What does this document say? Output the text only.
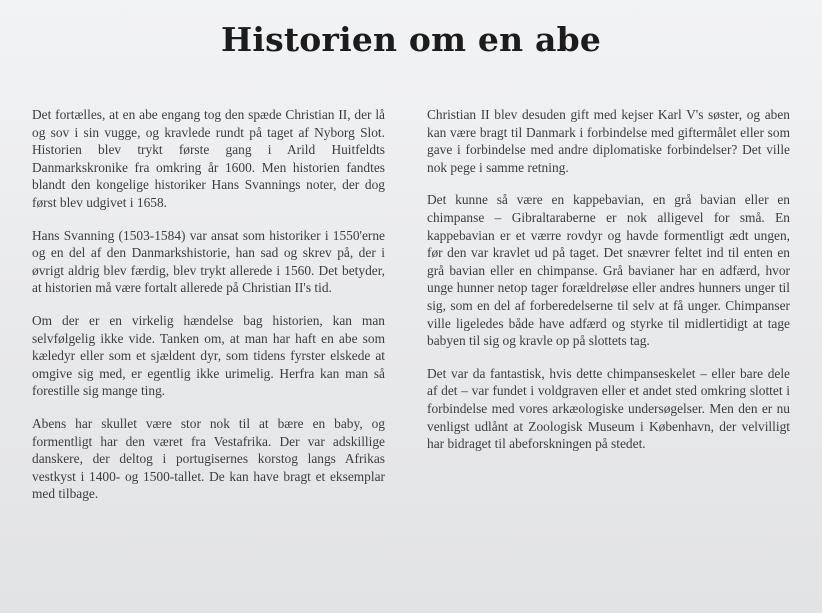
Historien om en abe

Det fortælles, at en abe engang tog den spæde Christian II, der lå og sov i sin vugge, og kravlede rundt på taget af Nyborg Slot. Historien blev trykt første gang i Arild Huitfeldts Danmarkskronike fra omkring år 1600. Men historien fandtes blandt den kongelige historiker Hans Svannings noter, der dog først blev udgivet i 1658.

Hans Svanning (1503-1584) var ansat som historiker i 1550'erne og en del af den Danmarkshistorie, han sad og skrev på, der i øvrigt aldrig blev færdig, blev trykt allerede i 1560. Det betyder, at historien må være fortalt allerede på Christian II's tid.

Om der er en virkelig hændelse bag historien, kan man selvfølgelig ikke vide. Tanken om, at man har haft en abe som kæledyr eller som et sjældent dyr, som tidens fyrster elskede at omgive sig med, er egentlig ikke urimelig. Herfra kan man så forestille sig mange ting.

Abens har skullet være stor nok til at bære en baby, og formentligt har den været fra Vestafrika. Der var adskillige danskere, der deltog i portugisernes korstog langs Afrikas vestkyst i 1400- og 1500-tallet. De kan have bragt et eksemplar med tilbage.

Christian II blev desuden gift med kejser Karl V's søster, og aben kan være bragt til Danmark i forbindelse med giftermålet eller som gave i forbindelse med andre diplomatiske forbindelser? Det ville nok pege i samme retning.

Det kunne så være en kappebavian, en grå bavian eller en chimpanse – Gibraltaraberne er nok alligevel for små. En kappebavian er et værre rovdyr og havde formentligt ædt ungen, før den var kravlet ud på taget. Det snævrer feltet ind til enten en grå bavian eller en chimpanse. Grå bavianer har en adfærd, hvor unge hunner netop tager forældreløse eller andres hunners unger til sig, som en del af forberedelserne til selv at få unger. Chimpanser ville ligeledes både have adfærd og styrke til midlertidigt at tage babyen til sig og kravle op på slottets tag.

Det var da fantastisk, hvis dette chimpanseskelet – eller bare dele af det – var fundet i voldgraven eller et andet sted omkring slottet i forbindelse med vores arkæologiske undersøgelser. Men den er nu venligst udlånt at Zoologisk Museum i København, der velvilligt har bidraget til abeforskningen på stedet.
